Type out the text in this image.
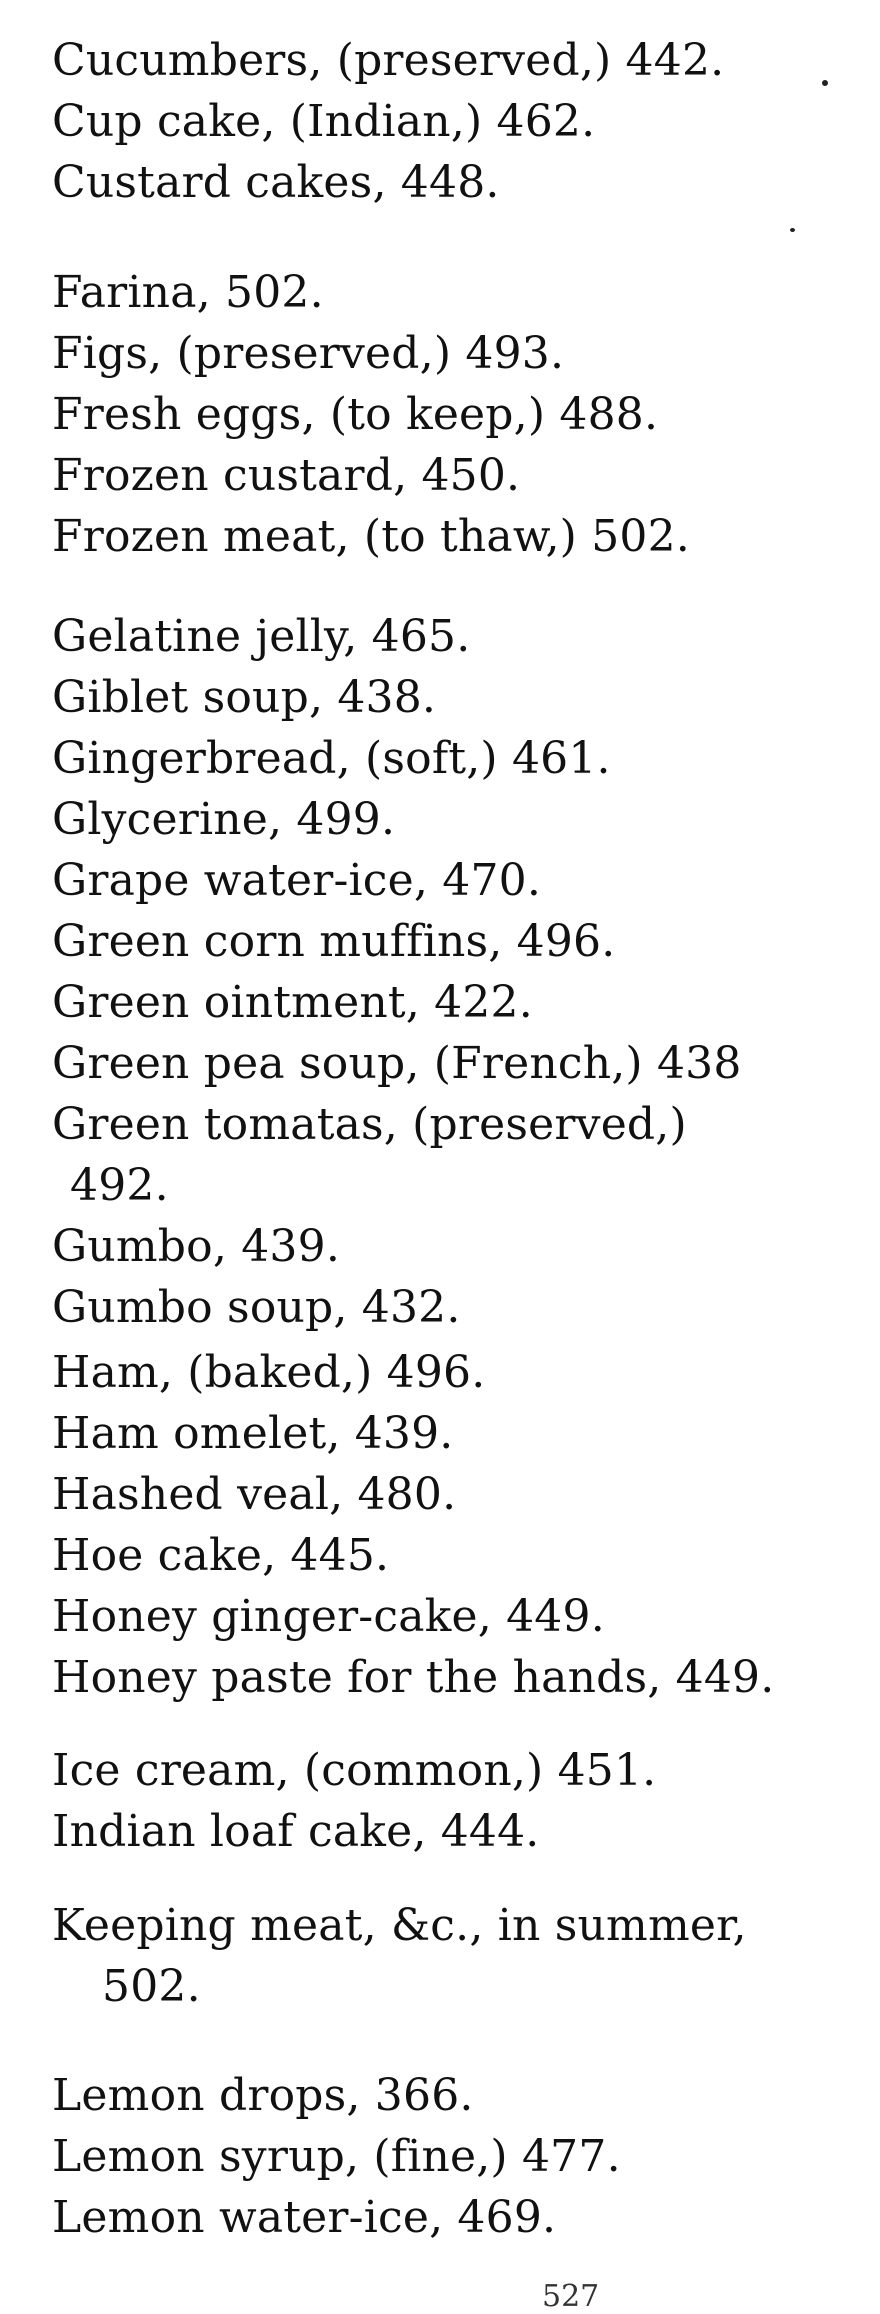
Cucumbers, (preserved,) 442.
Cup cake, (Indian,) 462.
Custard cakes, 448.
Farina, 502.
Figs, (preserved,) 493.
Fresh eggs, (to keep,) 488.
Frozen custard, 450.
Frozen meat, (to thaw,) 502.
Gelatine jelly, 465.
Giblet soup, 438.
Gingerbread, (soft,) 461.
Glycerine, 499.
Grape water-ice, 470.
Green corn muffins, 496.
Green ointment, 422.
Green pea soup, (French,) 438
Green tomatas, (preserved,)
492.
Gumbo, 439.
Gumbo soup, 432.
Ham, (baked,) 496.
Ham omelet, 439.
Hashed veal, 480.
Hoe cake, 445.
Honey ginger-cake, 449.
Honey paste for the hands, 449.
Ice cream, (common,) 451.
Indian loaf cake, 444.
Keeping meat, &c., in summer,
502.
Lemon drops, 366.
Lemon syrup, (fine,) 477.
Lemon water-ice, 469.
527
